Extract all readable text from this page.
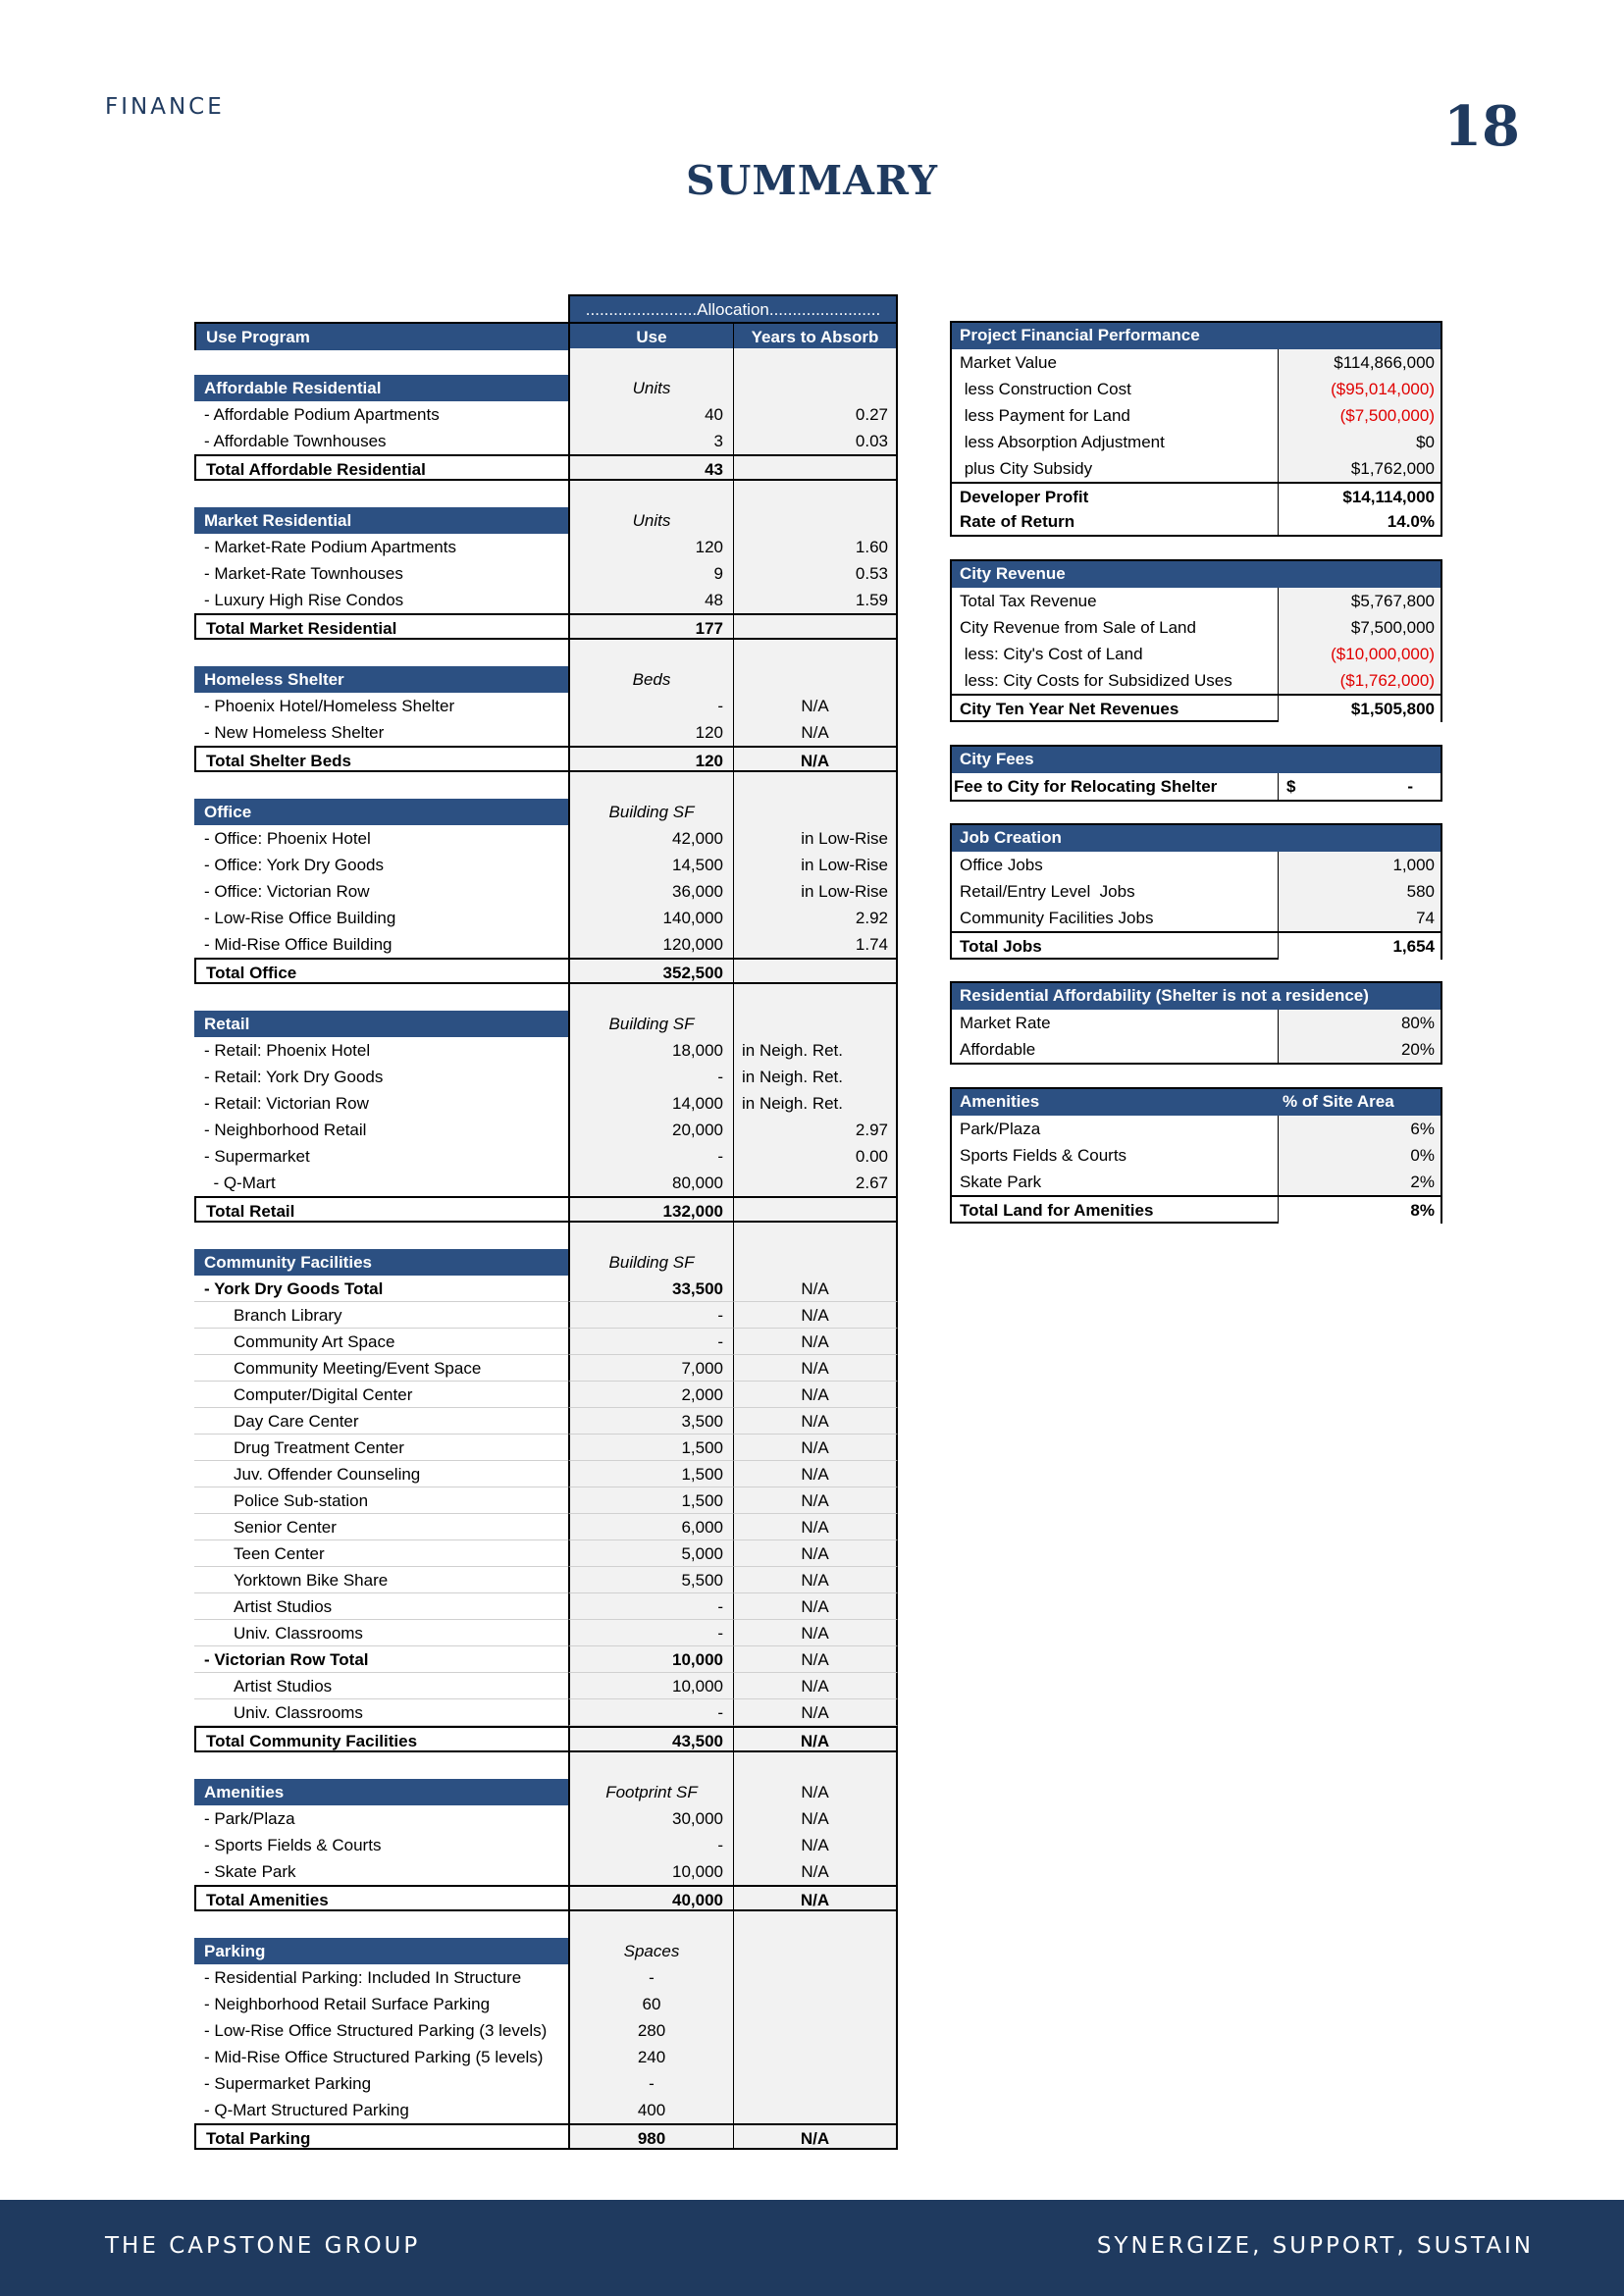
FINANCE	18
SUMMARY
........................Allocation........................
Use Program	Use	Years to Absorb
Affordable Residential	Units
- Affordable Podium Apartments	40	0.27
- Affordable Townhouses	3	0.03
Total Affordable Residential	43
Market Residential	Units
- Market-Rate Podium Apartments	120	1.60
- Market-Rate Townhouses	9	0.53
- Luxury High Rise Condos	48	1.59
Total Market Residential	177
Homeless Shelter	Beds
- Phoenix Hotel/Homeless Shelter	-	N/A
- New Homeless Shelter	120	N/A
Total Shelter Beds	120	N/A
Office	Building SF
- Office: Phoenix Hotel	42,000	in Low-Rise
- Office: York Dry Goods	14,500	in Low-Rise
- Office: Victorian Row	36,000	in Low-Rise
- Low-Rise Office Building	140,000	2.92
- Mid-Rise Office Building	120,000	1.74
Total Office	352,500
Retail	Building SF
- Retail: Phoenix Hotel	18,000	in Neigh. Ret.
- Retail: York Dry Goods	-	in Neigh. Ret.
- Retail: Victorian Row	14,000	in Neigh. Ret.
- Neighborhood Retail	20,000	2.97
- Supermarket	-	0.00
- Q-Mart	80,000	2.67
Total Retail	132,000
Community Facilities	Building SF
- York Dry Goods Total	33,500	N/A
Branch Library	-	N/A
Community Art Space	-	N/A
Community Meeting/Event Space	7,000	N/A
Computer/Digital Center	2,000	N/A
Day Care Center	3,500	N/A
Drug Treatment Center	1,500	N/A
Juv. Offender Counseling	1,500	N/A
Police Sub-station	1,500	N/A
Senior Center	6,000	N/A
Teen Center	5,000	N/A
Yorktown Bike Share	5,500	N/A
Artist Studios	-	N/A
Univ. Classrooms	-	N/A
- Victorian Row Total	10,000	N/A
Artist Studios	10,000	N/A
Univ. Classrooms	-	N/A
Total Community Facilities	43,500	N/A
Amenities	Footprint SF	N/A
- Park/Plaza	30,000	N/A
- Sports Fields & Courts	-	N/A
- Skate Park	10,000	N/A
Total Amenities	40,000	N/A
Parking	Spaces
- Residential Parking: Included In Structure	-
- Neighborhood Retail Surface Parking	60
- Low-Rise Office Structured Parking (3 levels)	280
- Mid-Rise Office Structured Parking (5 levels)	240
- Supermarket Parking	-
- Q-Mart Structured Parking	400
Total Parking	980	N/A
Project Financial Performance
Market Value	$114,866,000
less Construction Cost	($95,014,000)
less Payment for Land	($7,500,000)
less Absorption Adjustment	$0
plus City Subsidy	$1,762,000
Developer Profit	$14,114,000
Rate of Return	14.0%
City Revenue
Total Tax Revenue	$5,767,800
City Revenue from Sale of Land	$7,500,000
less: City's Cost of Land	($10,000,000)
less: City Costs for Subsidized Uses	($1,762,000)
City Ten Year Net Revenues	$1,505,800
City Fees
Fee to City for Relocating Shelter	$	-
Job Creation
Office Jobs	1,000
Retail/Entry Level  Jobs	580
Community Facilities Jobs	74
Total Jobs	1,654
Residential Affordability (Shelter is not a residence)
Market Rate	80%
Affordable	20%
Amenities	% of Site Area
Park/Plaza	6%
Sports Fields & Courts	0%
Skate Park	2%
Total Land for Amenities	8%
THE CAPSTONE GROUP	SYNERGIZE, SUPPORT, SUSTAIN
